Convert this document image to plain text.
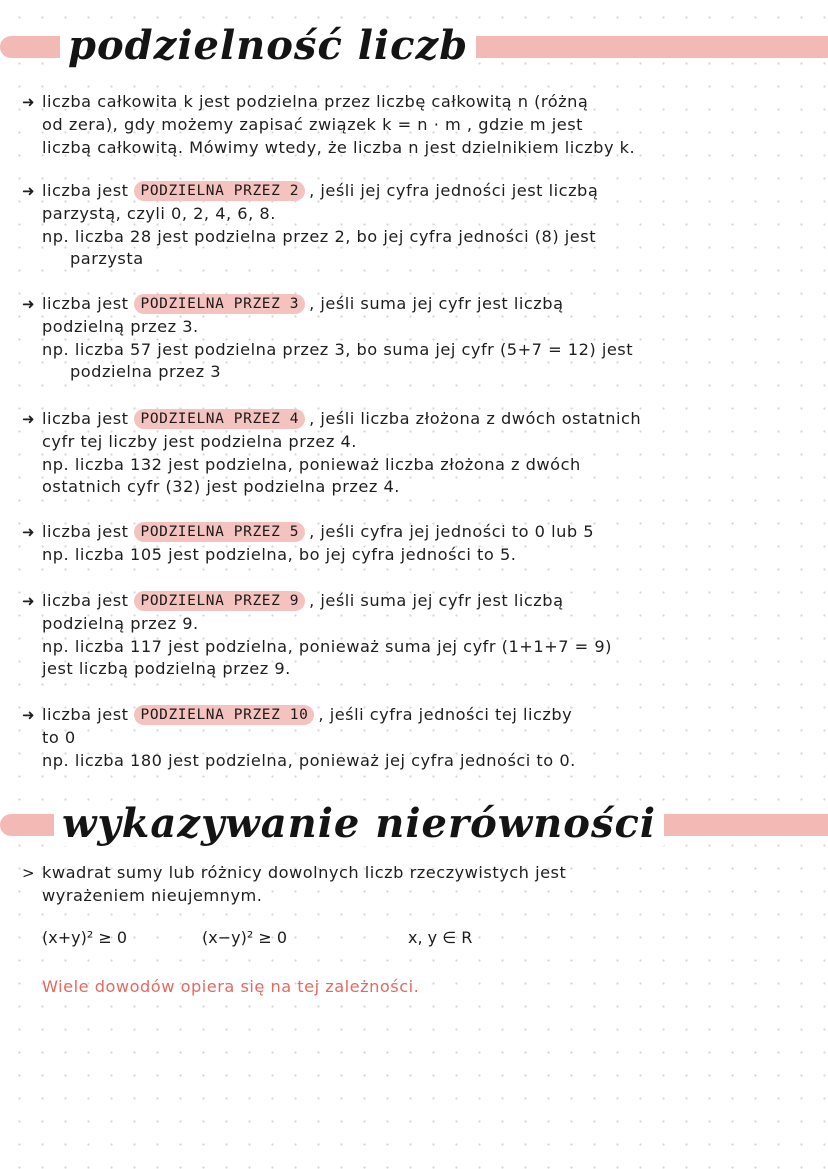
podzielność liczb
➜ liczba całkowita k jest podzielna przez liczbę całkowitą n (różną
od zera), gdy możemy zapisać związek k = n · m , gdzie m jest
liczbą całkowitą. Mówimy wtedy, że liczba n jest dzielnikiem liczby k.
➜ liczba jest PODZIELNA PRZEZ 2 , jeśli jej cyfra jedności jest liczbą
parzystą, czyli 0, 2, 4, 6, 8.
np. liczba 28 jest podzielna przez 2, bo jej cyfra jedności (8) jest
parzysta
➜ liczba jest PODZIELNA PRZEZ 3 , jeśli suma jej cyfr jest liczbą
podzielną przez 3.
np. liczba 57 jest podzielna przez 3, bo suma jej cyfr (5+7 = 12) jest
podzielna przez 3
➜ liczba jest PODZIELNA PRZEZ 4 , jeśli liczba złożona z dwóch ostatnich
cyfr tej liczby jest podzielna przez 4.
np. liczba 132 jest podzielna, ponieważ liczba złożona z dwóch
ostatnich cyfr (32) jest podzielna przez 4.
➜ liczba jest PODZIELNA PRZEZ 5 , jeśli cyfra jej jedności to 0 lub 5
np. liczba 105 jest podzielna, bo jej cyfra jedności to 5.
➜ liczba jest PODZIELNA PRZEZ 9 , jeśli suma jej cyfr jest liczbą
podzielną przez 9.
np. liczba 117 jest podzielna, ponieważ suma jej cyfr (1+1+7 = 9)
jest liczbą podzielną przez 9.
➜ liczba jest PODZIELNA PRZEZ 10 , jeśli cyfra jedności tej liczby
to 0
np. liczba 180 jest podzielna, ponieważ jej cyfra jedności to 0.
wykazywanie nierówności
> kwadrat sumy lub różnicy dowolnych liczb rzeczywistych jest
wyrażeniem nieujemnym.
(x+y)² ≥ 0	(x−y)² ≥ 0	x, y ∈ R
Wiele dowodów opiera się na tej zależności.
